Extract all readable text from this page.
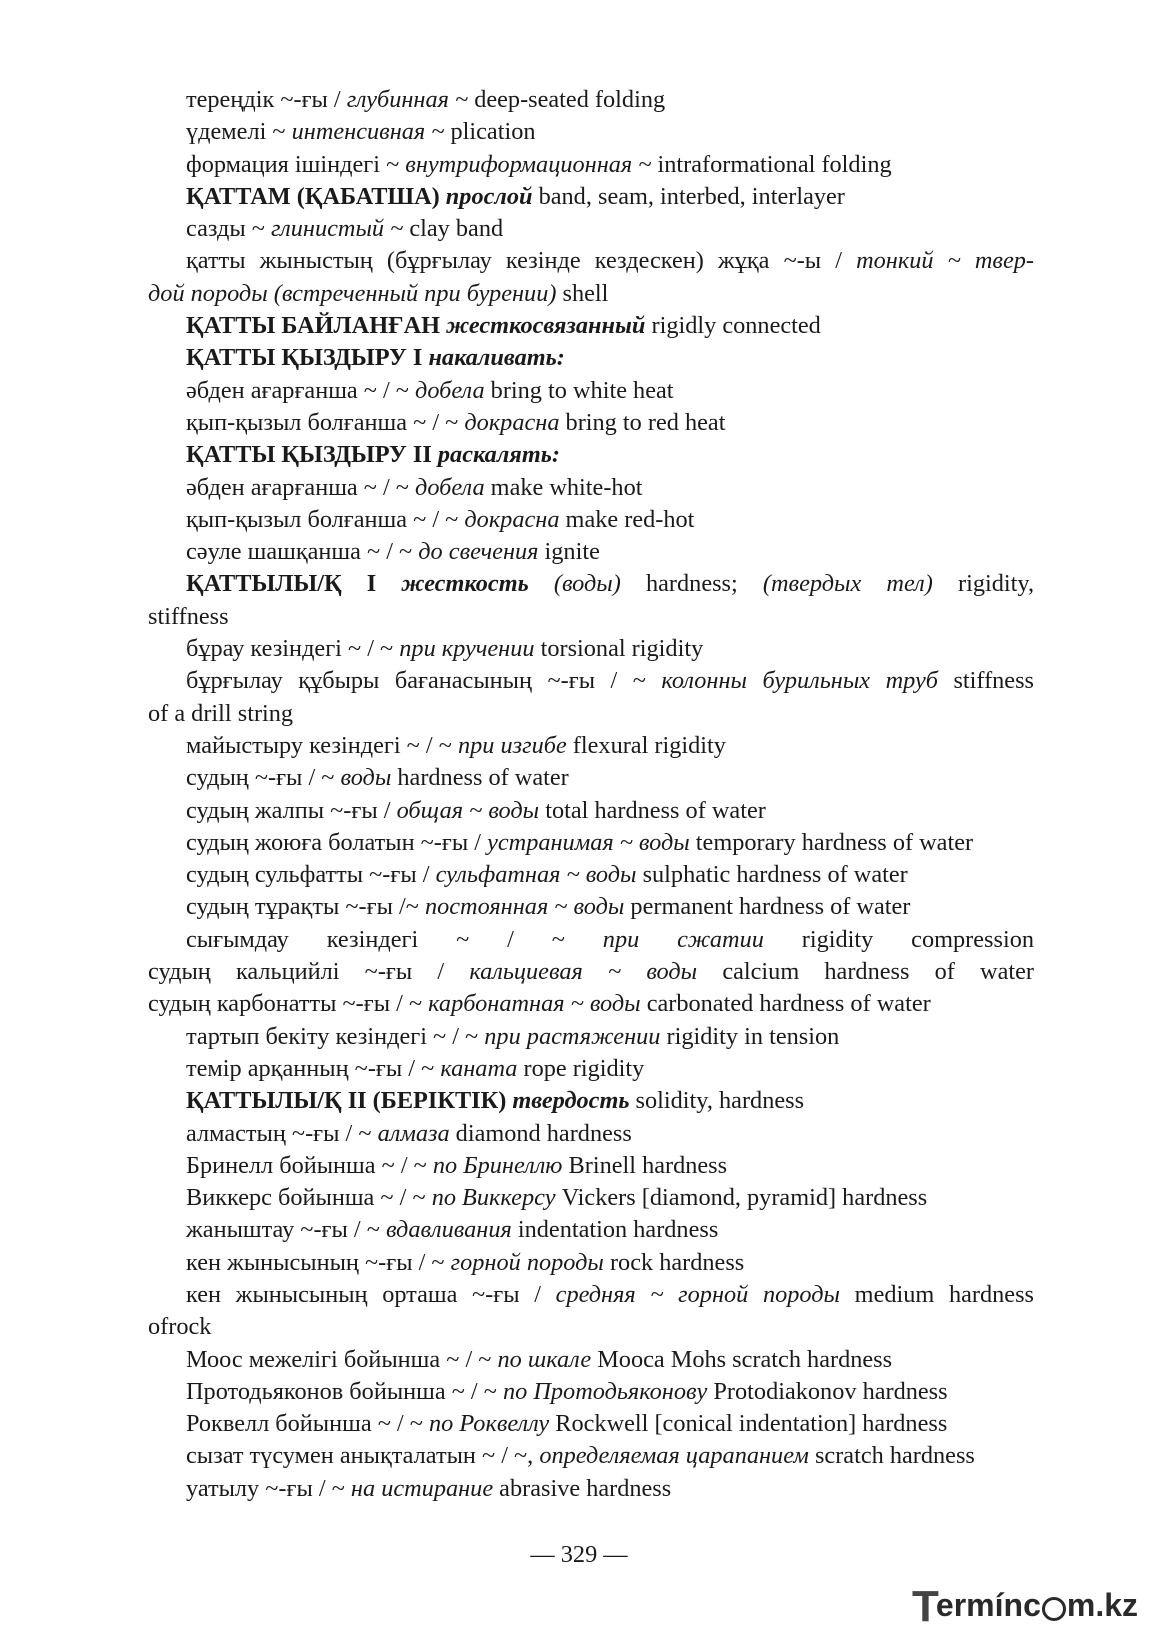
тереңдік ~-ғы / глубинная ~ deep-seated folding
үдемелі ~ интенсивная ~ plication
формация ішіндегі ~ внутриформационная ~ intraformational folding
ҚАТТАМ (ҚАБАТША) прослой band, seam, interbed, interlayer
сазды ~ глинистый ~ clay band
қатты жыныстың (бұрғылау кезінде кездескен) жұқа ~-ы / тонкий ~ твер-
дой породы (встреченный при бурении) shell
ҚАТТЫ БАЙЛАНҒАН жесткосвязанный rigidly connected
ҚАТТЫ ҚЫЗДЫРУ І накаливать:
әбден ағарғанша ~ / ~ добела bring to white heat
қып-қызыл болғанша ~ / ~ докрасна bring to red heat
ҚАТТЫ ҚЫЗДЫРУ ІІ раскалять:
әбден ағарғанша ~ / ~ добела make white-hot
қып-қызыл болғанша ~ / ~ докрасна make red-hot
сәуле шашқанша ~ / ~ до свечения ignite
ҚАТТЫЛЫ/Қ І жесткость (воды) hardness; (твердых тел) rigidity,
stiffness
бұрау кезіндегі ~ / ~ при кручении torsional rigidity
бұрғылау құбыры бағанасының ~-ғы / ~ колонны бурильных труб stiffness
of a drill string
майыстыру кезіндегі ~ / ~ при изгибе flexural rigidity
судың ~-ғы / ~ воды hardness of water
судың жалпы ~-ғы / общая ~ воды total hardness of water
судың жоюға болатын ~-ғы / устранимая ~ воды temporary hardness of water
судың сульфатты ~-ғы / сульфатная ~ воды sulphatic hardness of water
судың тұрақты ~-ғы /~ постоянная ~ воды permanent hardness of water
сығымдау кезіндегі ~ / ~ при сжатии rigidity compression
судың кальцийлі ~-ғы / кальциевая ~ воды calcium hardness of water
судың карбонатты ~-ғы / ~ карбонатная ~ воды carbonated hardness of water
тартып бекіту кезіндегі ~ / ~ при растяжении rigidity in tension
темір арқанның ~-ғы / ~ каната rope rigidity
ҚАТТЫЛЫ/Қ ІІ (БЕРІКТІК) твердость solidity, hardness
алмастың ~-ғы / ~ алмаза diamond hardness
Бринелл бойынша ~ / ~ по Бринеллю Brinell hardness
Виккерс бойынша ~ / ~ по Виккерсу Vickers [diamond, pyramid] hardness
жаныштау ~-ғы / ~ вдавливания indentation hardness
кен жынысының ~-ғы / ~ горной породы rock hardness
кен жынысының орташа ~-ғы / средняя ~ горной породы medium hardness
ofrock
Моос межелігі бойынша ~ / ~ по шкале Mooca Mohs scratch hardness
Протодьяконов бойынша ~ / ~ по Протодьяконову Protodiakonov hardness
Роквелл бойынша ~ / ~ по Роквеллу Rockwell [conical indentation] hardness
сызат түсумен анықталатын ~ / ~, определяемая царапанием scratch hardness
уатылу ~-ғы / ~ на истирание abrasive hardness
— 329 —
T
ermínc m.kz
